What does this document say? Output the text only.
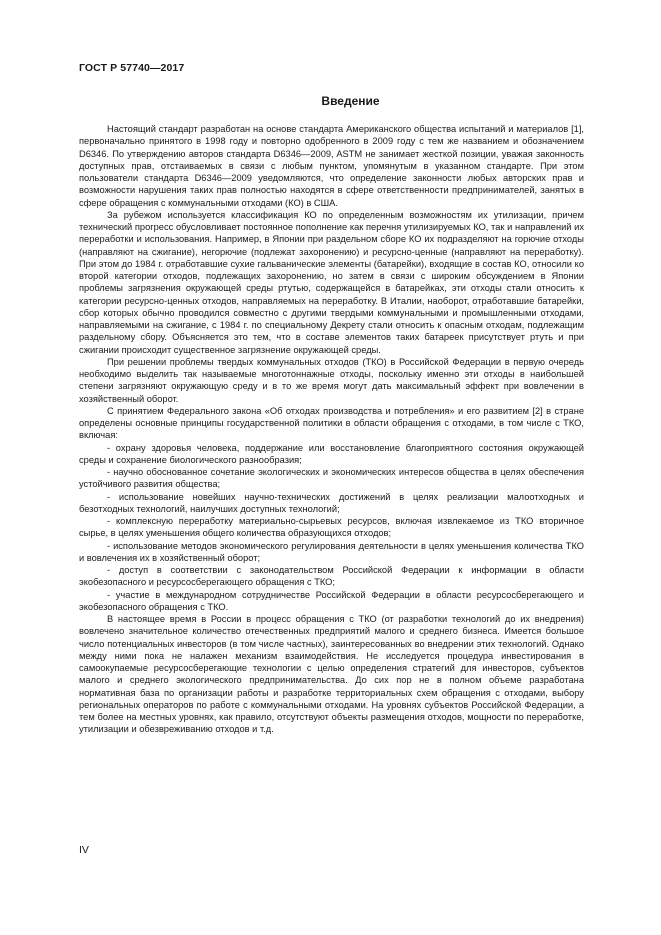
ГОСТ Р 57740—2017
Введение

Настоящий стандарт разработан на основе стандарта Американского общества испытаний и материалов [1], первоначально принятого в 1998 году и повторно одобренного в 2009 году с тем же названием и обозначением D6346. По утверждению авторов стандарта D6346—2009, ASTM не занимает жесткой позиции, уважая законность доступных прав, отстаиваемых в связи с любым пунктом, упомянутым в указанном стандарте. При этом пользователи стандарта D6346—2009 уведомляются, что определение законности любых авторских прав и возможности нарушения таких прав полностью находятся в сфере ответственности предпринимателей, занятых в сфере обращения с коммунальными отходами (КО) в США.

За рубежом используется классификация КО по определенным возможностям их утилизации, причем технический прогресс обусловливает постоянное пополнение как перечня утилизируемых КО, так и направлений их переработки и использования. Например, в Японии при раздельном сборе КО их подразделяют на горючие отходы (направляют на сжигание), негорючие (подлежат захоронению) и ресурсно-ценные (направляют на переработку). При этом до 1984 г. отработавшие сухие гальванические элементы (батарейки), входящие в состав КО, относили ко второй категории отходов, подлежащих захоронению, но затем в связи с широким обсуждением в Японии проблемы загрязнения окружающей среды ртутью, содержащейся в батарейках, эти отходы стали относить к категории ресурсно-ценных отходов, направляемых на переработку. В Италии, наоборот, отработавшие батарейки, сбор которых обычно проводился совместно с другими твердыми коммунальными и промышленными отходами, направляемыми на сжигание, с 1984 г. по специальному Декрету стали относить к опасным отходам, подлежащим раздельному сбору. Объясняется это тем, что в составе элементов таких батареек присутствует ртуть и при сжигании происходит существенное загрязнение окружающей среды.

При решении проблемы твердых коммунальных отходов (ТКО) в Российской Федерации в первую очередь необходимо выделить так называемые многотоннажные отходы, поскольку именно эти отходы в наибольшей степени загрязняют окружающую среду и в то же время могут дать максимальный эффект при вовлечении в хозяйственный оборот.

С принятием Федерального закона «Об отходах производства и потребления» и его развитием [2] в стране определены основные принципы государственной политики в области обращения с отходами, в том числе с ТКО, включая:

- охрану здоровья человека, поддержание или восстановление благоприятного состояния окружающей среды и сохранение биологического разнообразия;

- научно обоснованное сочетание экологических и экономических интересов общества в целях обеспечения устойчивого развития общества;

- использование новейших научно-технических достижений в целях реализации малоотходных и безотходных технологий, наилучших доступных технологий;

- комплексную переработку материально-сырьевых ресурсов, включая извлекаемое из ТКО вторичное сырье, в целях уменьшения общего количества образующихся отходов;

- использование методов экономического регулирования деятельности в целях уменьшения количества ТКО и вовлечения их в хозяйственный оборот;

- доступ в соответствии с законодательством Российской Федерации к информации в области экобезопасного и ресурсосберегающего обращения с ТКО;

- участие в международном сотрудничестве Российской Федерации в области ресурсосберегающего и экобезопасного обращения с ТКО.

В настоящее время в России в процесс обращения с ТКО (от разработки технологий до их внедрения) вовлечено значительное количество отечественных предприятий малого и среднего бизнеса. Имеется большое число потенциальных инвесторов (в том числе частных), заинтересованных во внедрении этих технологий. Однако между ними пока не налажен механизм взаимодействия. Не исследуется процедура инвестирования в самоокупаемые ресурсосберегающие технологии с целью определения стратегий для инвесторов, субъектов малого и среднего экологического предпринимательства. До сих пор не в полном объеме разработана нормативная база по организации работы и разработке территориальных схем обращения с отходами, выбору региональных операторов по работе с коммунальными отходами. На уровнях субъектов Российской Федерации, а тем более на местных уровнях, как правило, отсутствуют объекты размещения отходов, мощности по переработке, утилизации и обезвреживанию отходов и т.д.

IV
